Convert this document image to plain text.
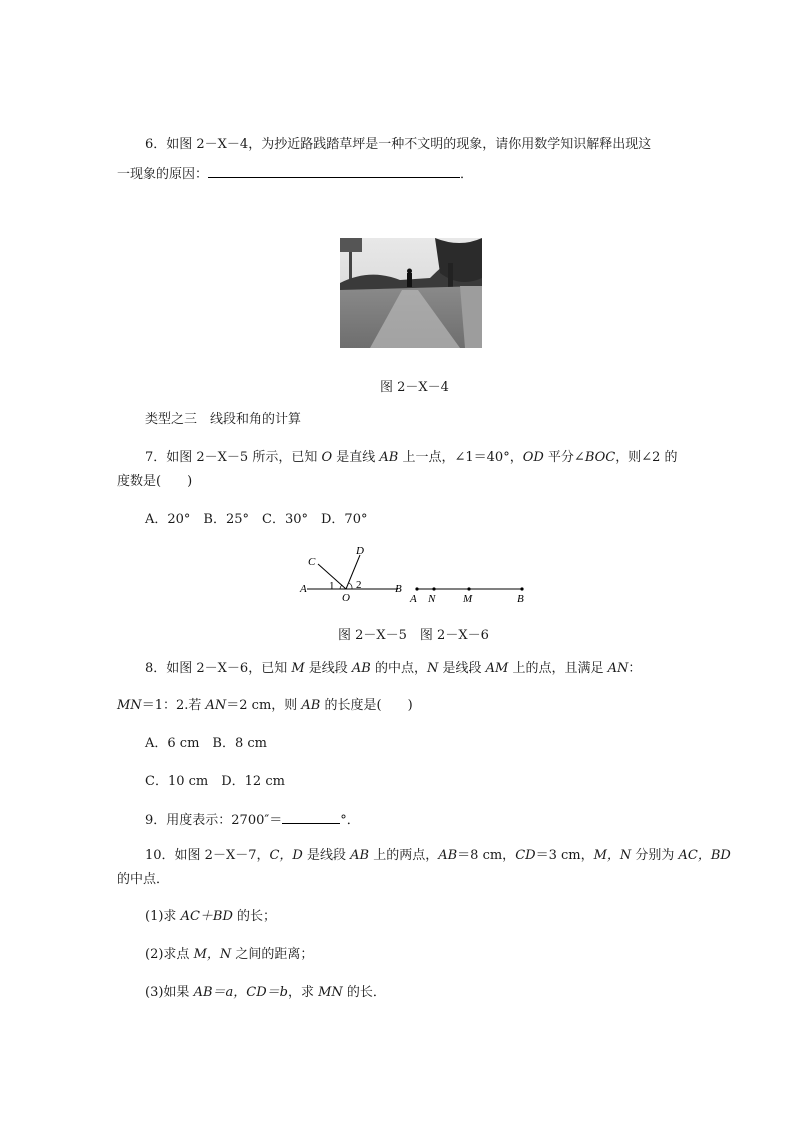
6．如图 2－X－4，为抄近路践踏草坪是一种不文明的现象，请你用数学知识解释出现这
一现象的原因：	．
图 2－X－4
类型之三　线段和角的计算
7．如图 2－X－5 所示，已知 O 是直线 AB 上一点，∠1＝40°，OD 平分∠BOC，则∠2 的
度数是(　　)
A．20°　B．25°　C．30°　D．70°
A
O
B
C
D
1 2
A N	M	B
图 2－X－5　图 2－X－6
8．如图 2－X－6，已知 M 是线段 AB 的中点，N 是线段 AM 上的点，且满足 AN：
MN＝1：2.若 AN＝2 cm，则 AB 的长度是(　　)
A．6 cm　B．8 cm
C．10 cm　D．12 cm
9．用度表示：2700″＝	°．
10．如图 2－X－7，C，D 是线段 AB 上的两点，AB＝8 cm，CD＝3 cm，M，N 分别为 AC，BD
的中点．
(1)求 AC＋BD 的长；
(2)求点 M，N 之间的距离；
(3)如果 AB＝a，CD＝b，求 MN 的长．
